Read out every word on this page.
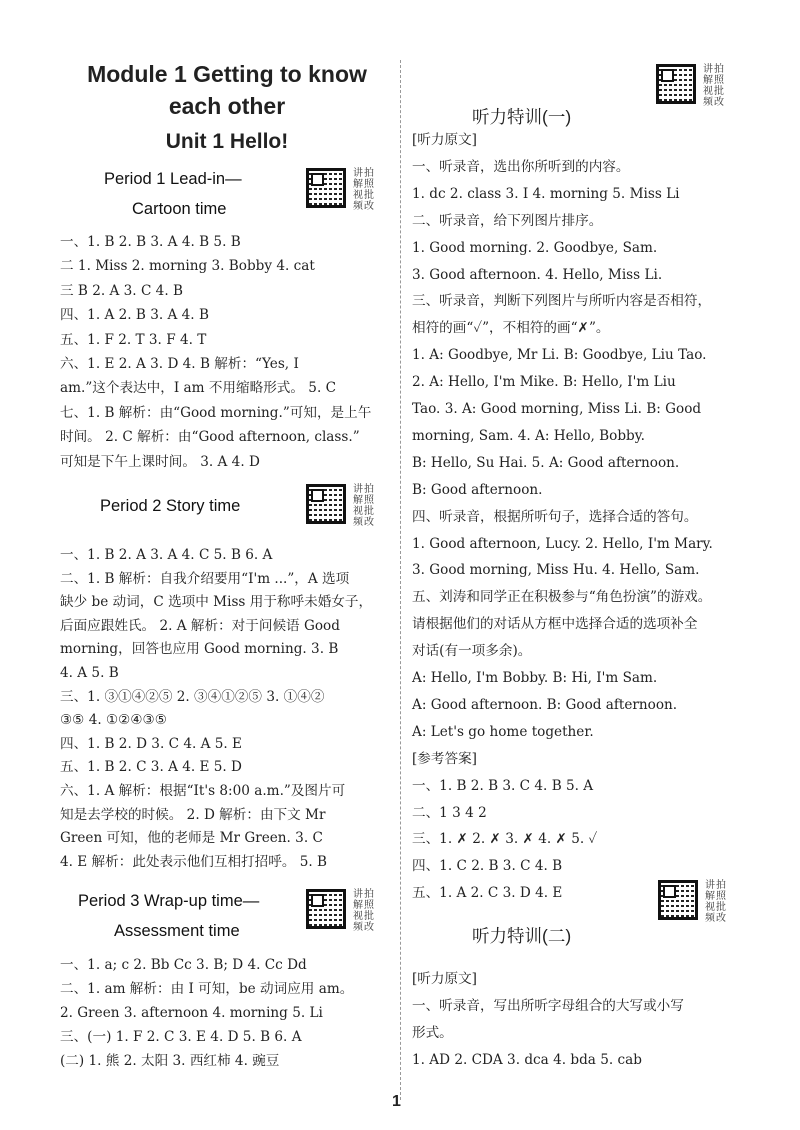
Module 1 Getting to know
each other
Unit 1 Hello!
Period 1 Lead-in—
Cartoon time
讲拍解照视批频改
一、1. B 2. B 3. A 4. B 5. B
二 1. Miss 2. morning 3. Bobby 4. cat
三 B 2. A 3. C 4. B
四、1. A 2. B 3. A 4. B
五、1. F 2. T 3. F 4. T
六、1. E 2. A 3. D 4. B 解析：“Yes, I
am.”这个表达中，I am 不用缩略形式。 5. C
七、1. B 解析：由“Good morning.”可知，是上午
时间。 2. C 解析：由“Good afternoon, class.”
可知是下午上课时间。 3. A 4. D
Period 2 Story time
讲拍解照视批频改
一、1. B 2. A 3. A 4. C 5. B 6. A
二、1. B 解析：自我介绍要用“I'm ...”，A 选项
缺少 be 动词，C 选项中 Miss 用于称呼未婚女子，
后面应跟姓氏。 2. A 解析：对于问候语 Good
morning，回答也应用 Good morning. 3. B
4. A 5. B
三、1. ③①④②⑤ 2. ③④①②⑤ 3. ①④②
③⑤ 4. ①②④③⑤
四、1. B 2. D 3. C 4. A 5. E
五、1. B 2. C 3. A 4. E 5. D
六、1. A 解析：根据“It's 8:00 a.m.”及图片可
知是去学校的时候。 2. D 解析：由下文 Mr
Green 可知，他的老师是 Mr Green. 3. C
4. E 解析：此处表示他们互相打招呼。 5. B
Period 3 Wrap-up time—
Assessment time
讲拍解照视批频改
一、1. a; c 2. Bb Cc 3. B; D 4. Cc Dd
二、1. am 解析：由 I 可知，be 动词应用 am。
2. Green 3. afternoon 4. morning 5. Li
三、(一) 1. F 2. C 3. E 4. D 5. B 6. A
(二) 1. 熊 2. 太阳 3. 西红柿 4. 豌豆
听力特训(一)
讲拍解照视批频改
[听力原文]
一、听录音，选出你所听到的内容。
1. dc 2. class 3. I 4. morning 5. Miss Li
二、听录音，给下列图片排序。
1. Good morning. 2. Goodbye, Sam.
3. Good afternoon. 4. Hello, Miss Li.
三、听录音，判断下列图片与所听内容是否相符，
相符的画“✓”，不相符的画“✗”。
1. A: Goodbye, Mr Li. B: Goodbye, Liu Tao.
2. A: Hello, I'm Mike. B: Hello, I'm Liu
Tao. 3. A: Good morning, Miss Li. B: Good
morning, Sam. 4. A: Hello, Bobby.
B: Hello, Su Hai. 5. A: Good afternoon.
B: Good afternoon.
四、听录音，根据所听句子，选择合适的答句。
1. Good afternoon, Lucy. 2. Hello, I'm Mary.
3. Good morning, Miss Hu. 4. Hello, Sam.
五、刘涛和同学正在积极参与“角色扮演”的游戏。
请根据他们的对话从方框中选择合适的选项补全
对话(有一项多余)。
A: Hello, I'm Bobby. B: Hi, I'm Sam.
A: Good afternoon. B: Good afternoon.
A: Let's go home together.
[参考答案]
一、1. B 2. B 3. C 4. B 5. A
二、1 3 4 2
三、1. ✗ 2. ✗ 3. ✗ 4. ✗ 5. ✓
四、1. C 2. B 3. C 4. B
五、1. A 2. C 3. D 4. E
听力特训(二)
讲拍解照视批频改
[听力原文]
一、听录音，写出所听字母组合的大写或小写
形式。
1. AD 2. CDA 3. dca 4. bda 5. cab
1
